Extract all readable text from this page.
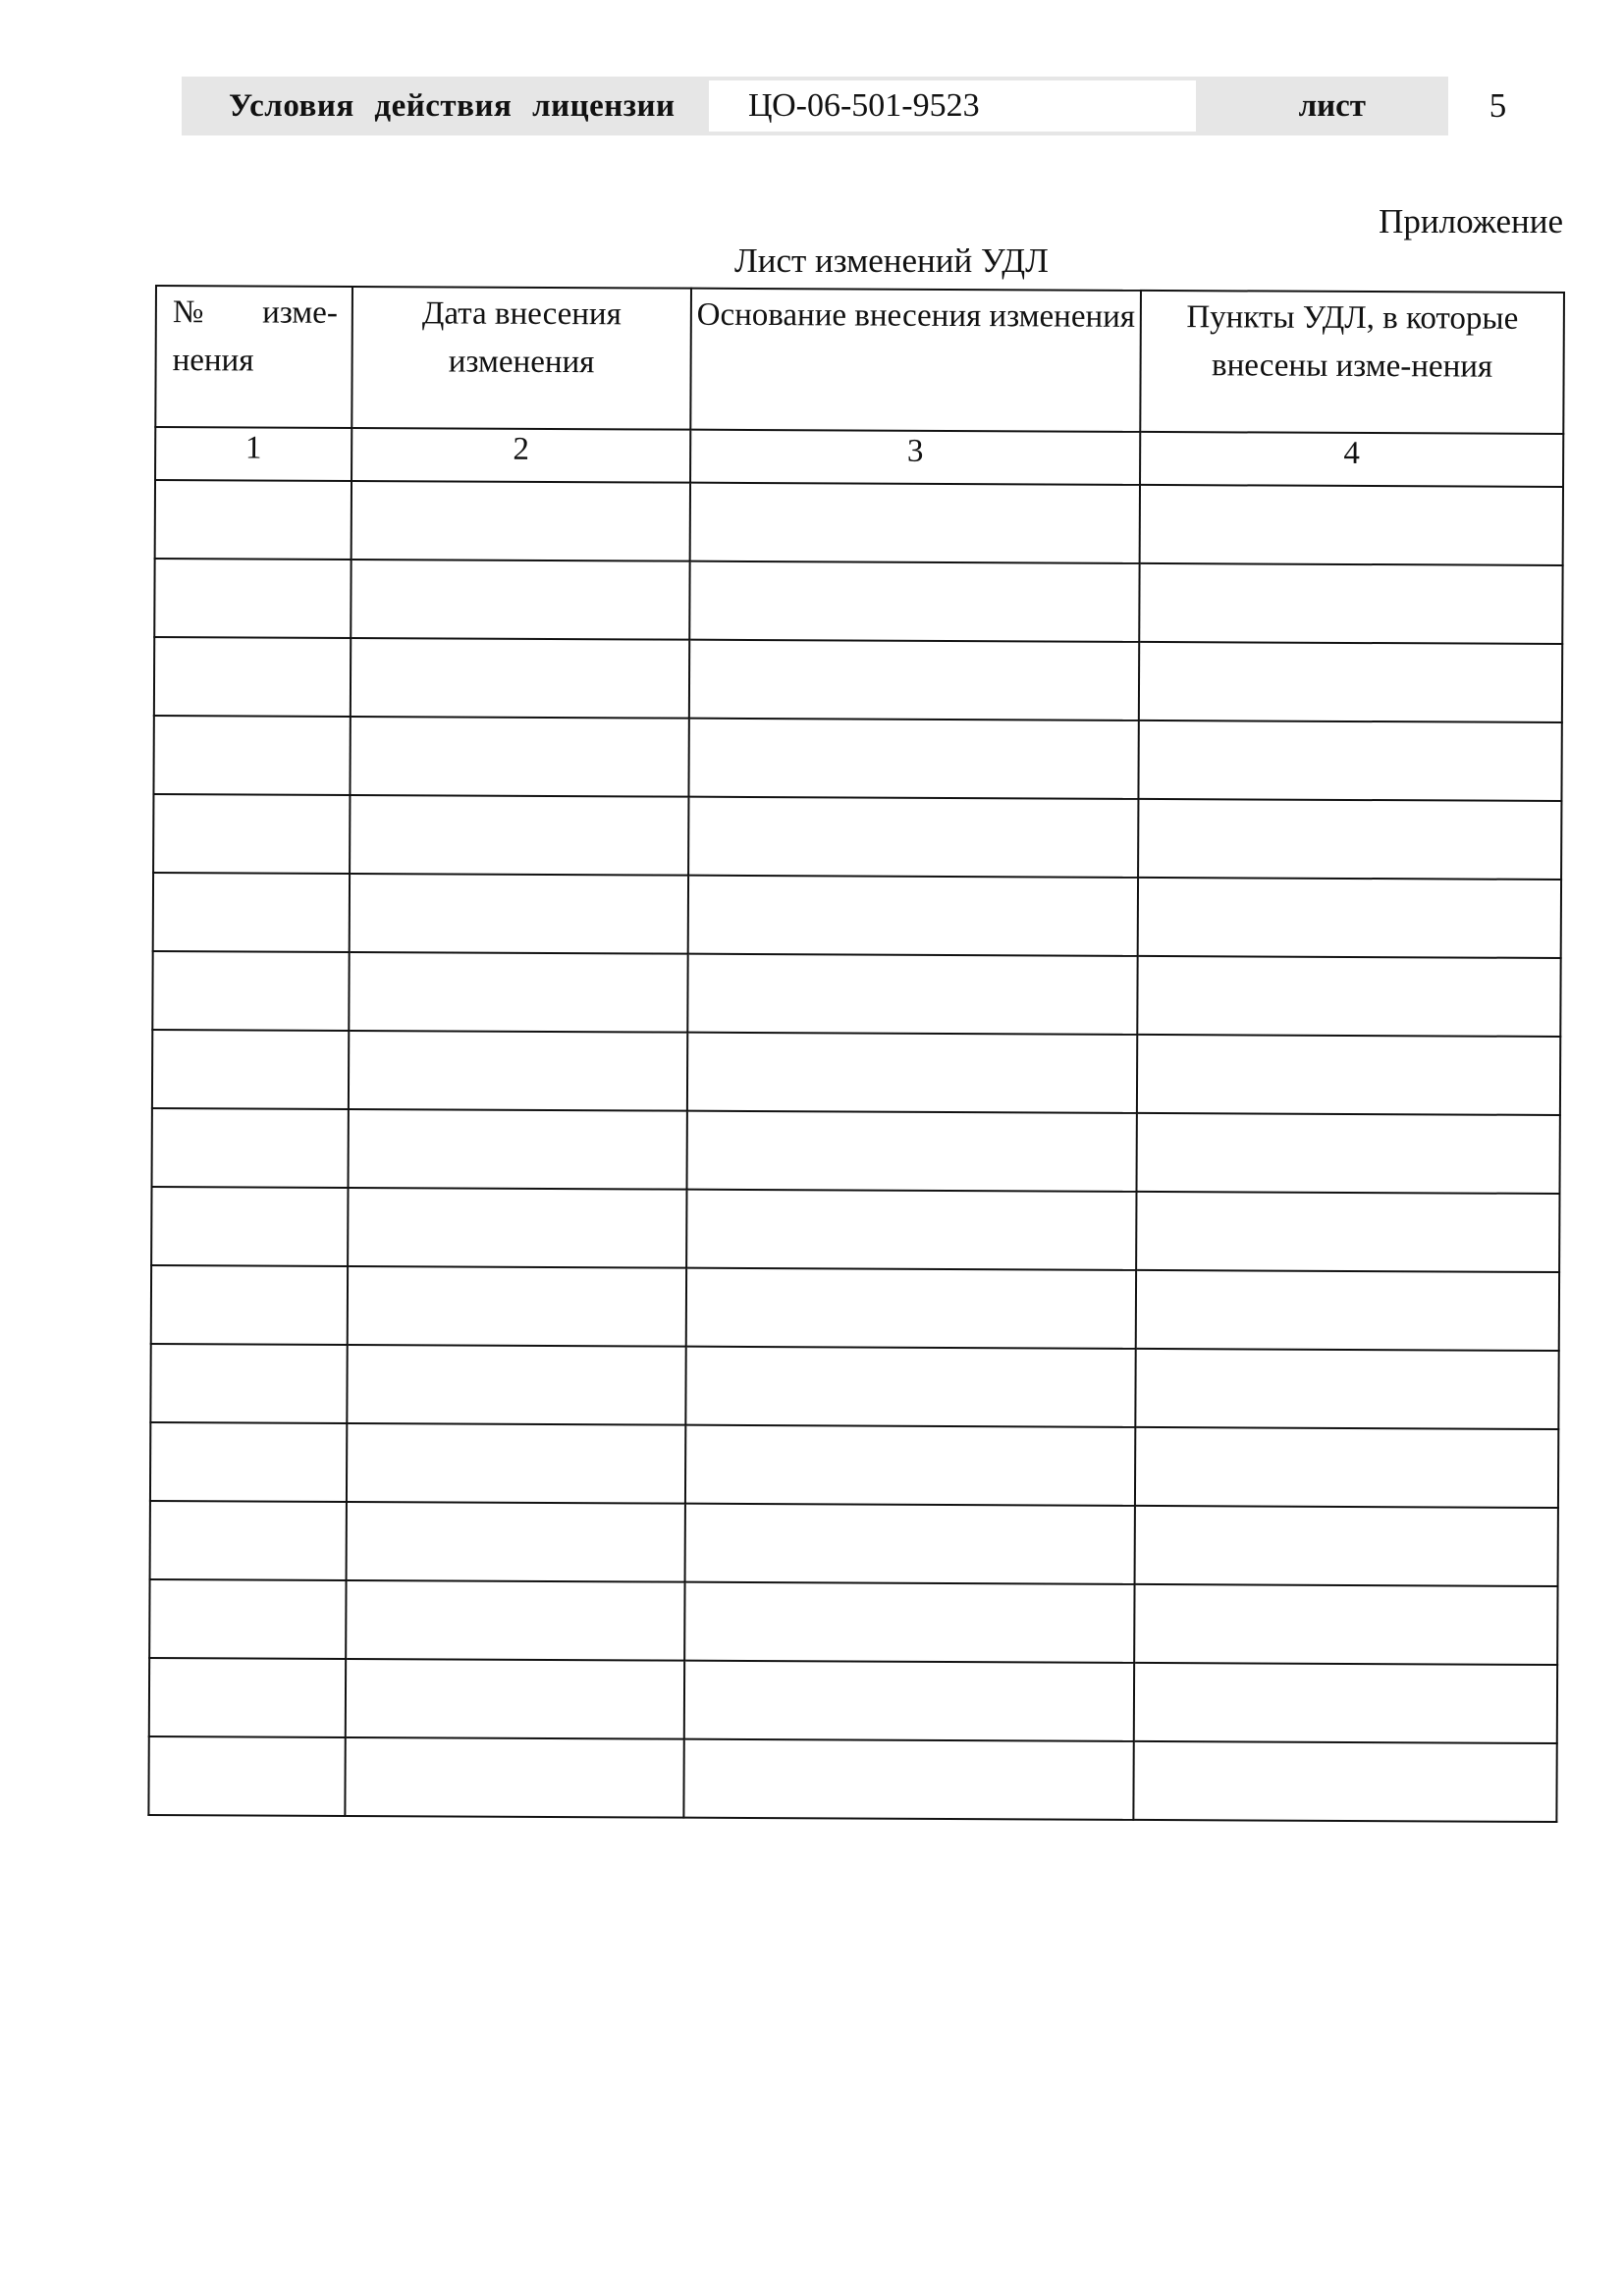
Условия действия лицензии	ЦО-06-501-9523	лист	5
Приложение
Лист изменений УДЛ
№ изме-нения	Дата внесения изменения	Основание внесения изменения	Пункты УДЛ, в которые внесены изме-нения
1	2	3	4
